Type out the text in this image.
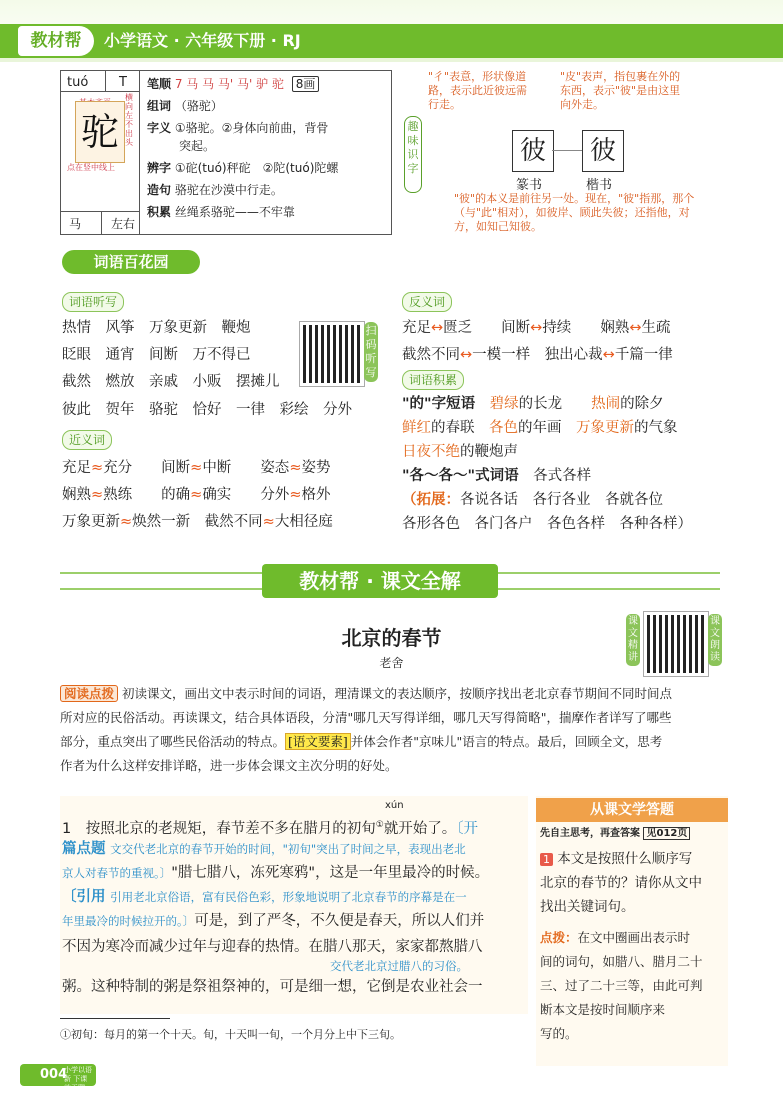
教材帮	小学语文 · 六年级下册 · RJ
tuó T
驼
横向左不出头
点在竖中线上
马 左右
笔顺 7 马 马 马' 马' 驴 驼 8画
组词 （骆驼）
字义 ①骆驼。②身体向前曲，背骨
突起。
辨字 ①砣(tuó)秤砣　②陀(tuó)陀螺
造句 骆驼在沙漠中行走。
积累 丝绳系骆驼——不牢靠
趣味识字
"彳"表意，形状像道路，表示此近彼远需行走。
"皮"表声，指包裹在外的东西，表示"彼"是由这里向外走。
彼	彼
篆书	楷书
"彼"的本义是前往另一处。现在，"彼"指那，那个（与"此"相对），如彼岸、顾此失彼；还指他，对方，如知己知彼。
词语百花园
词语听写
热情　 风筝　 万象更新　 鞭炮
眨眼　 通宵　 间断　 万不得已
截然　 燃放　 亲戚　 小贩　 摆摊儿
彼此　 贺年　 骆驼　 恰好　 一律　 彩绘　 分外
扫码听写
近义词
充足≈充分　　 间断≈中断　　 姿态≈姿势
娴熟≈熟练　　 的确≈确实　　 分外≈格外
万象更新≈焕然一新　 截然不同≈大相径庭
反义词
充足↔匮乏　　 间断↔持续　　 娴熟↔生疏
截然不同↔一模一样　 独出心裁↔千篇一律
词语积累
"的"字短语　 碧绿的长龙　　 热闹的除夕
鲜红的春联　 各色的年画　 万象更新的气象
日夜不绝的鞭炮声
"各～各～"式词语　 各式各样
（拓展：各说各话　各行各业　各就各位
各形各色　各门各户　各色各样　各种各样）
教材帮 · 课文全解
北京的春节
老舍
课文精讲
课文朗读
阅读点拨 初读课文，画出文中表示时间的词语，理清课文的表达顺序，按顺序找出老北京春节期间不同时间点
所对应的民俗活动。再读课文，结合具体语段，分清"哪几天写得详细，哪几天写得简略"，揣摩作者详写了哪些
部分，重点突出了哪些民俗活动的特点。 [语文要素] 并体会作者"京味儿"语言的特点。最后，回顾全文，思考
作者为什么这样安排详略，进一步体会课文主次分明的好处。
xún
1　 按照北京的老规矩，春节差不多在腊月的初旬①就开始了。〔开
篇点题 文交代老北京的春节开始的时间，"初旬"突出了时间之早，表现出老北
京人对春节的重视。〕"腊七腊八，冻死寒鸦"，这是一年里最冷的时候。
〔引用 引用老北京俗语，富有民俗色彩，形象地说明了北京春节的序幕是在一
年里最冷的时候拉开的。〕可是，到了严冬，不久便是春天，所以人们并
不因为寒冷而减少过年与迎春的热情。在腊八那天，家家都熬腊八
交代老北京过腊八的习俗。
粥。这种特制的粥是祭祖祭神的，可是细一想，它倒是农业社会一
从课文学答题
先自主思考，再查答案 见012页
1 本文是按照什么顺序写
北京的春节的？请你从文中
找出关键词句。
点拨：在文中圈画出表示时
间的词句，如腊八、腊月二十
三、过了二十三等，由此可判
断本文是按时间顺序来
写的。
①初旬：每月的第一个十天。旬，十天叫一旬，一个月分上中下三旬。
004
小学以语新 下课就无聊
